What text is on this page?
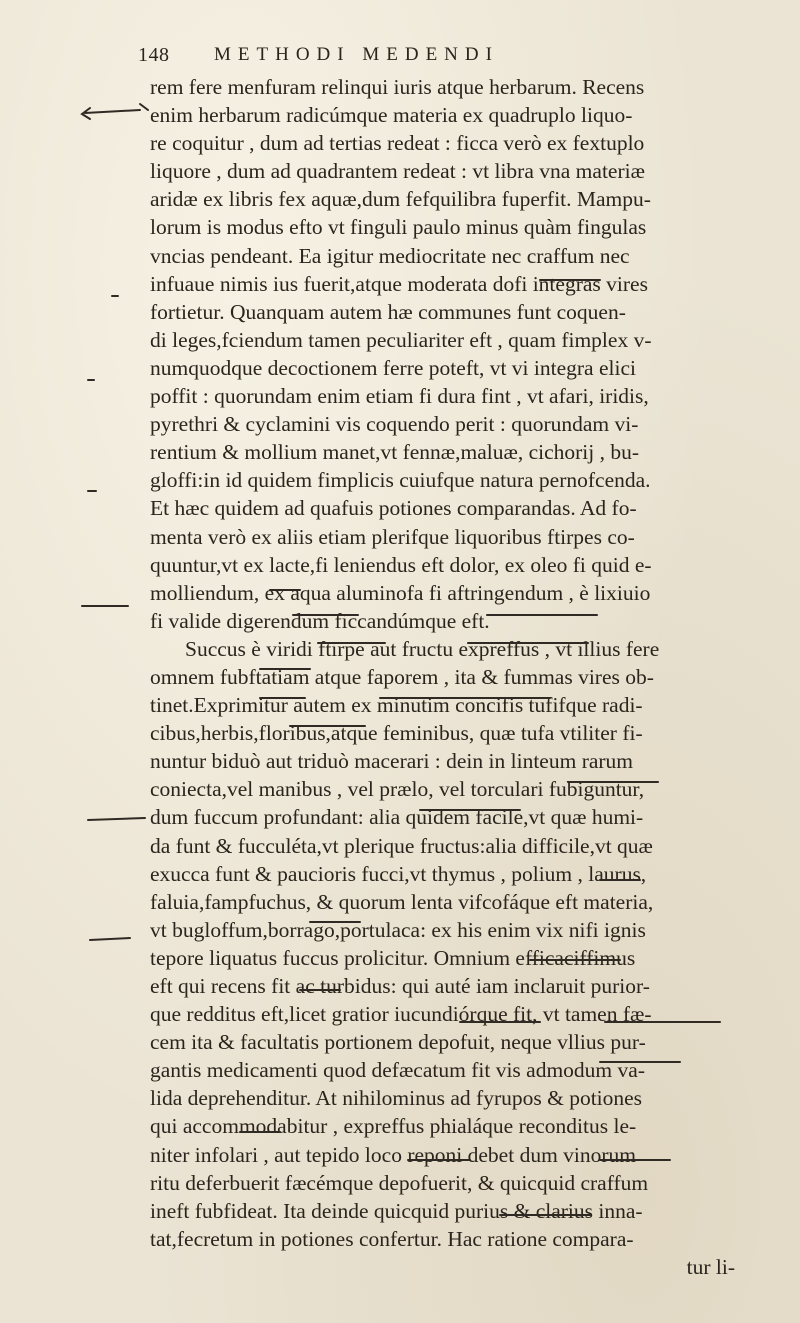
148 METHODI MEDENDI
rem fere menfuram relinqui iuris atque herbarum. Recens
enim herbarum radicúmque materia ex quadruplo liquo-
re coquitur , dum ad tertias redeat : ficca verò ex fextuplo
liquore , dum ad quadrantem redeat : vt libra vna materiæ
aridæ ex libris fex aquæ,dum fefquilibra fuperfit. Mampu-
lorum is modus efto vt finguli paulo minus quàm fingulas
vncias pendeant. Ea igitur mediocritate nec craffum nec
infuaue nimis ius fuerit,atque moderata dofi integras vires
fortietur. Quanquam autem hæ communes funt coquen-
di leges,fciendum tamen peculiariter eft , quam fimplex v-
numquodque decoctionem ferre poteft, vt vi integra elici
poffit : quorundam enim etiam fi dura fint , vt afari, iridis,
pyrethri & cyclamini vis coquendo perit : quorundam vi-
rentium & mollium manet,vt fennæ,maluæ, cichorij , bu-
gloffi:in id quidem fimplicis cuiufque natura pernofcenda.
Et hæc quidem ad quafuis potiones comparandas. Ad fo-
menta verò ex aliis etiam plerifque liquoribus ftirpes co-
quuntur,vt ex lacte,fi leniendus eft dolor, ex oleo fi quid e-
molliendum, ex aqua aluminofa fi aftringendum , è lixiuio
fi valide digerendum ficcandúmque eft.
Succus è viridi ftirpe aut fructu expreffus , vt illius fere
omnem fubftatiam atque faporem , ita & fummas vires ob-
tinet.Exprimitur autem ex minutim concifis tufifque radi-
cibus,herbis,floribus,atque feminibus, quæ tufa vtiliter fi-
nuntur biduò aut triduò macerari : dein in linteum rarum
coniecta,vel manibus , vel prælo, vel torculari fubiguntur,
dum fuccum profundant: alia quidem facile,vt quæ humi-
da funt & fucculéta,vt plerique fructus:alia difficile,vt quæ
exucca funt & paucioris fucci,vt thymus , polium , laurus,
faluia,fampfuchus, & quorum lenta vifcofáque eft materia,
vt bugloffum,borrago,portulaca: ex his enim vix nifi ignis
tepore liquatus fuccus prolicitur. Omnium efficaciffimus
eft qui recens fit ac turbidus: qui auté iam inclaruit purior-
que redditus eft,licet gratior iucundiórque fit, vt tamen fæ-
cem ita & facultatis portionem depofuit, neque vllius pur-
gantis medicamenti quod defæcatum fit vis admodum va-
lida deprehenditur. At nihilominus ad fyrupos & potiones
qui accommodabitur , expreffus phialáque reconditus le-
niter infolari , aut tepido loco reponi debet dum vinorum
ritu deferbuerit fæcémque depofuerit, & quicquid craffum
ineft fubfideat. Ita deinde quicquid purius & clarius inna-
tat,fecretum in potiones confertur. Hac ratione compara-
tur li-
